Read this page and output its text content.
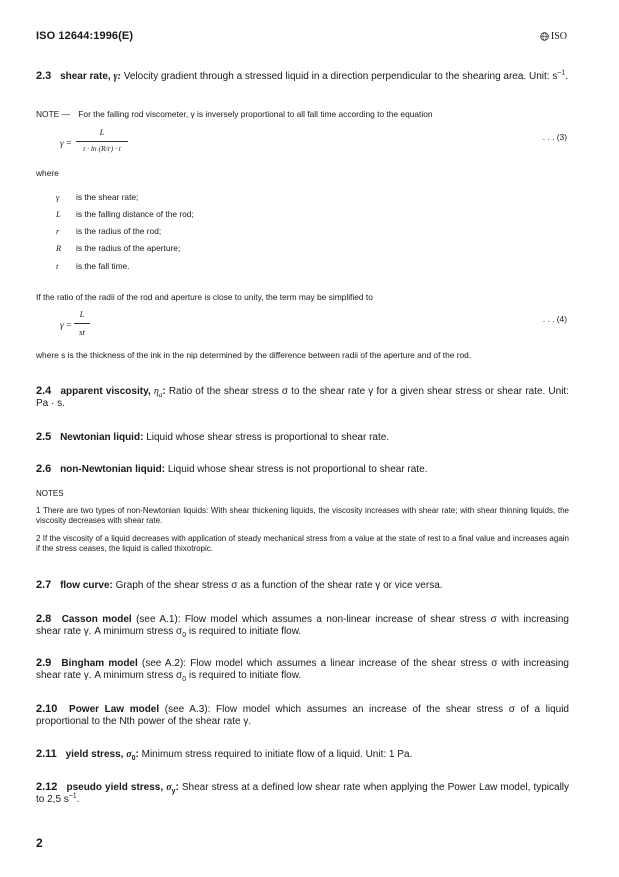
ISO 12644:1996(E)	ISO
2.3 shear rate, γ: Velocity gradient through a stressed liquid in a direction perpendicular to the shearing area. Unit: $s^{-1}$.
NOTE — For the falling rod viscometer, γ is inversely proportional to all fall time according to the equation
γ =
L
t · ln (R/r) · t
. . . (3)
where
γ	is the shear rate;
L	is the falling distance of the rod;
r	is the radius of the rod;
R	is the radius of the aperture;
t	is the fall time.
If the ratio of the radii of the rod and aperture is close to unity, the term may be simplified to
γ =
L
st
. . . (4)
where s is the thickness of the ink in the nip determined by the difference between radii of the aperture and of the rod.
2.4 apparent viscosity, $\eta_a$: Ratio of the shear stress σ to the shear rate γ for a given shear stress or shear rate. Unit: Pa · s.
2.5 Newtonian liquid: Liquid whose shear stress is proportional to shear rate.
2.6 non-Newtonian liquid: Liquid whose shear stress is not proportional to shear rate.
NOTES
1 There are two types of non-Newtonian liquids: With shear thickening liquids, the viscosity increases with shear rate; with shear thinning liquids, the viscosity decreases with shear rate.
2 If the viscosity of a liquid decreases with application of steady mechanical stress from a value at the state of rest to a final value and increases again if the stress ceases, the liquid is called thixotropic.
2.7 flow curve: Graph of the shear stress σ as a function of the shear rate γ or vice versa.
2.8 Casson model (see A.1): Flow model which assumes a non-linear increase of shear stress σ with increasing shear rate γ. A minimum stress $\sigma_0$ is required to initiate flow.
2.9 Bingham model (see A.2): Flow model which assumes a linear increase of the shear stress σ with increasing shear rate γ. A minimum stress $\sigma_0$ is required to initiate flow.
2.10 Power Law model (see A.3): Flow model which assumes an increase of the shear stress σ of a liquid proportional to the Nth power of the shear rate γ.
2.11 yield stress, $\sigma_0$: Minimum stress required to initiate flow of a liquid. Unit: 1 Pa.
2.12 pseudo yield stress, $\sigma_y$: Shear stress at a defined low shear rate when applying the Power Law model, typically to 2,5 $s^{-1}$.
2
